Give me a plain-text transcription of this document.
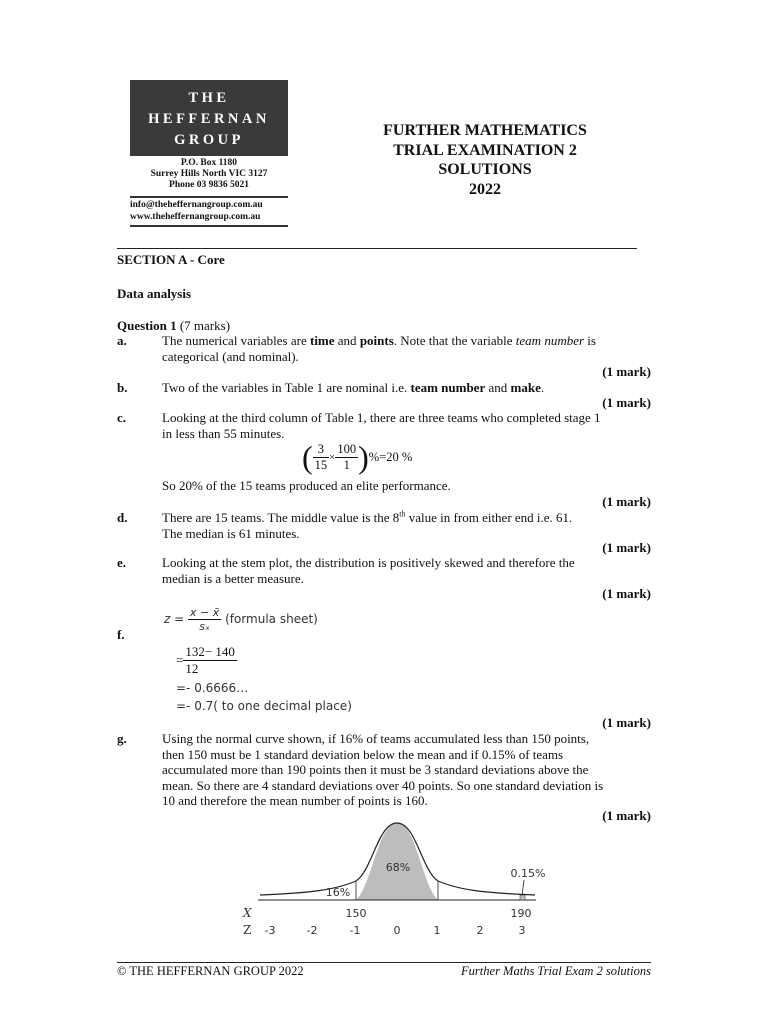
THE
HEFFERNAN
GROUP
P.O. Box 1180
Surrey Hills North VIC 3127
Phone 03 9836 5021
info@theheffernangroup.com.au
www.theheffernangroup.com.au
FURTHER MATHEMATICS
TRIAL EXAMINATION 2
SOLUTIONS
2022
SECTION A - Core
Data analysis
Question 1 (7 marks)
a.	The numerical variables are time and points. Note that the variable team number is
categorical (and nominal).
(1 mark)
b.	Two of the variables in Table 1 are nominal i.e. team number and make.
(1 mark)
c.	Looking at the third column of Table 1, there are three teams who completed stage 1
in less than 55 minutes.
( $\frac{3}{15} \times \frac{100}{1} )\%=20$ %
So 20% of the 15 teams produced an elite performance.
(1 mark)
d.	There are 15 teams. The middle value is the 8th value in from either end i.e. 61.
The median is 61 minutes.
(1 mark)
e.	Looking at the stem plot, the distribution is positively skewed and therefore the
median is a better measure.
(1 mark)
$z = \frac{x - x̄}{\text{sₓ}}$ (formula sheet)
f.
= $\frac{132- 140}{12}$
=- 0.6666…
=- 0.7( to one decimal place)
(1 mark)
g.	Using the normal curve shown, if 16% of teams accumulated less than 150 points,
then 150 must be 1 standard deviation below the mean and if 0.15% of teams
accumulated more than 190 points then it must be 3 standard deviations above the
mean. So there are 4 standard deviations over 40 points. So one standard deviation is
10 and therefore the mean number of points is 160.
(1 mark)
68%
16%
0.15%
X
Z
150	190
-3	-2	-1	0	1	2	3
© THE HEFFERNAN GROUP 2022	Further Maths Trial Exam 2 solutions
